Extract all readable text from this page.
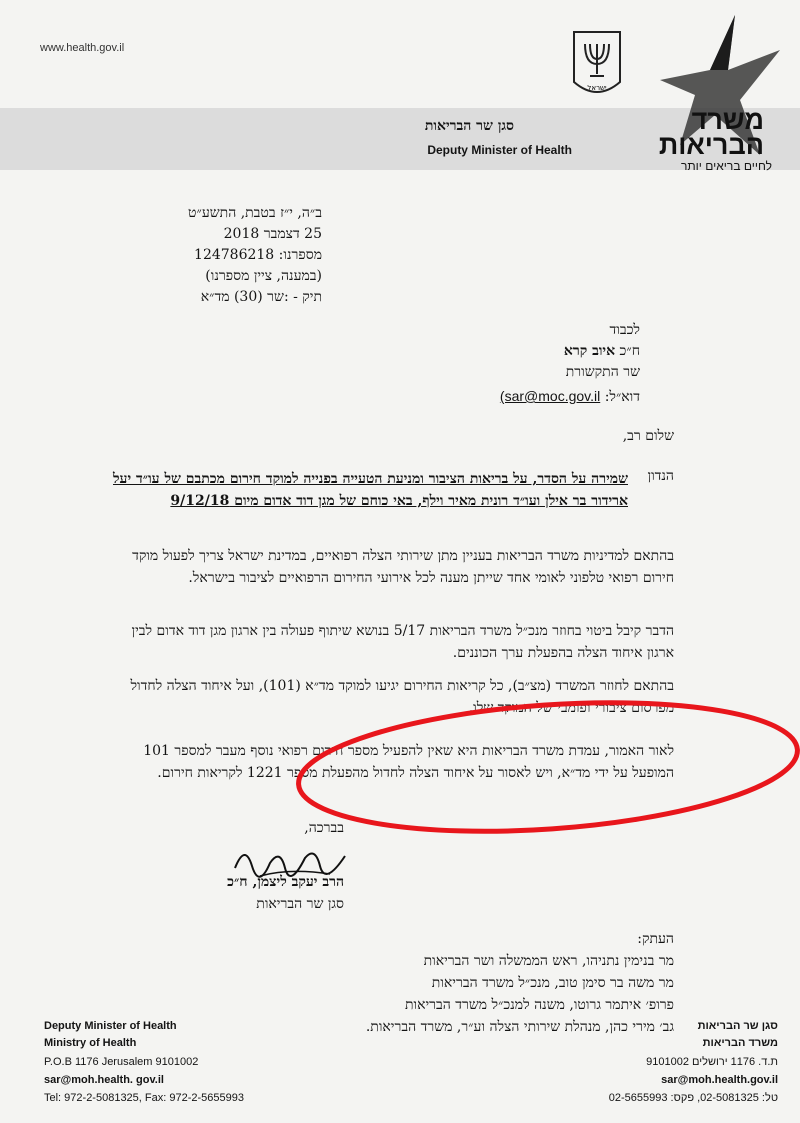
www.health.gov.il
ישראל
סגן שר הבריאות
Deputy Minister of Health
משרד
הבריאות
לחיים בריאים יותר
ב״ה, י״ז בטבת, התשע״ט
25 דצמבר 2018
מספרנו: 124786218
(במענה, ציין מספרנו)
תיק - :שר (30) מד״א
לכבוד
ח״כ איוב קרא
שר התקשורת
דוא״ל: (sar@moc.gov.il
שלום רב,
הנדון
שמירה על הסדר, על בריאות הציבור ומניעת הטעייה בפנייה למוקד חירום מכתבם של עו״ד יעל ארידור בר אילן ועו״ד רונית מאיר וילף, באי כוחם של מגן דוד אדום מיום 9/12/18
בהתאם למדיניות משרד הבריאות בעניין מתן שירותי הצלה רפואיים, במדינת ישראל צריך לפעול מוקד חירום רפואי טלפוני לאומי אחד שייתן מענה לכל אירועי החירום הרפואיים לציבור בישראל.
הדבר קיבל ביטוי בחוזר מנכ״ל משרד הבריאות 5/17 בנושא שיתוף פעולה בין ארגון מגן דוד אדום לבין ארגון איחוד הצלה בהפעלת ערך הכוננים.
בהתאם לחוזר המשרד (מצ״ב), כל קריאות החירום יגיעו למוקד מד״א (101), ועל איחוד הצלה לחדול מפרסום ציבורי ופומבי של המוקד שלו.
לאור האמור, עמדת משרד הבריאות היא שאין להפעיל מספר חירום רפואי נוסף מעבר למספר 101 המופעל על ידי מד״א, ויש לאסור על איחוד הצלה לחדול מהפעלת מספר 1221 לקריאות חירום.
בברכה,
הרב יעקב ליצמן, ח״כ
סגן שר הבריאות
העתק:
מר בנימין נתניהו, ראש הממשלה ושר הבריאות
מר משה בר סימן טוב, מנכ״ל משרד הבריאות
פרופ׳ איתמר גרוטו, משנה למנכ״ל משרד הבריאות
גב׳ מירי כהן, מנהלת שירותי הצלה וע״ר, משרד הבריאות.
Deputy Minister of Health
Ministry of Health
P.O.B 1176 Jerusalem 9101002
sar@moh.health. gov.il
Tel: 972-2-5081325, Fax: 972-2-5655993
סגן שר הבריאות
משרד הבריאות
ת.ד. 1176 ירושלים 9101002
sar@moh.health.gov.il
טל: 02-5081325, פקס: 02-5655993
